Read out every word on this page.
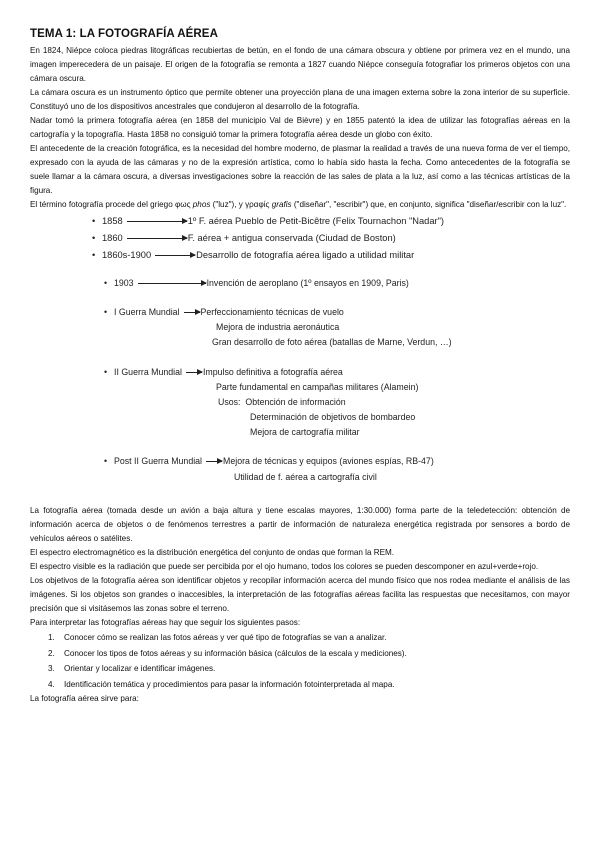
TEMA 1: LA FOTOGRAFÍA AÉREA

En 1824, Niépce coloca piedras litográficas recubiertas de betún, en el fondo de una cámara obscura y obtiene por primera vez en el mundo, una imagen imperecedera de un paisaje. El origen de la fotografía se remonta a 1827 cuando Niépce conseguía fotografiar los primeros objetos con una cámara oscura.

La cámara oscura es un instrumento óptico que permite obtener una proyección plana de una imagen externa sobre la zona interior de su superficie. Constituyó uno de los dispositivos ancestrales que condujeron al desarrollo de la fotografía.

Nadar tomó la primera fotografía aérea (en 1858 del municipio Val de Bièvre) y en 1855 patentó la idea de utilizar las fotografías aéreas en la cartografía y la topografía. Hasta 1858 no consiguió tomar la primera fotografía aérea desde un globo con éxito.

El antecedente de la creación fotográfica, es la necesidad del hombre moderno, de plasmar la realidad a través de una nueva forma de ver el tiempo, expresado con la ayuda de las cámaras y no de la expresión artística, como lo había sido hasta la fecha. Como antecedentes de la fotografía se suele llamar a la cámara oscura, a diversas investigaciones sobre la reacción de las sales de plata a la luz, así como a las técnicas artísticas de la figura.

El término fotografía procede del griego φως phos ("luz"), y γραφίς grafis ("diseñar", "escribir") que, en conjunto, significa "diseñar/escribir con la luz".

• 1858	1º F. aérea Pueblo de Petit-Bicêtre (Felix Tournachon "Nadar")
• 1860	F. aérea + antigua conservada (Ciudad de Boston)
• 1860s-1900	Desarrollo de fotografía aérea ligado a utilidad militar
• 1903	Invención de aeroplano (1º ensayos en 1909, Paris)
• I Guerra Mundial Perfeccionamiento técnicas de vuelo
Mejora de industria aeronáutica
Gran desarrollo de foto aérea (batallas de Marne, Verdun, …)
• II Guerra Mundial Impulso definitiva a fotografía aérea
Parte fundamental en campañas militares (Alamein)
Usos: Obtención de información
Determinación de objetivos de bombardeo
Mejora de cartografía militar
• Post II Guerra Mundial Mejora de técnicas y equipos (aviones espías, RB-47)
Utilidad de f. aérea a cartografía civil

La fotografía aérea (tomada desde un avión a baja altura y tiene escalas mayores, 1:30.000) forma parte de la teledetección: obtención de información acerca de objetos o de fenómenos terrestres a partir de información de naturaleza energética registrada por sensores a bordo de vehículos aéreos o satélites.

El espectro electromagnético es la distribución energética del conjunto de ondas que forman la REM.

El espectro visible es la radiación que puede ser percibida por el ojo humano, todos los colores se pueden descomponer en azul+verde+rojo.

Los objetivos de la fotografía aérea son identificar objetos y recopilar información acerca del mundo físico que nos rodea mediante el análisis de las imágenes. Si los objetos son grandes o inaccesibles, la interpretación de las fotografías aéreas facilita las respuestas que necesitamos, con mayor precisión que si visitásemos las zonas sobre el terreno.

Para interpretar las fotografías aéreas hay que seguir los siguientes pasos:

1. Conocer cómo se realizan las fotos aéreas y ver qué tipo de fotografías se van a analizar.
2. Conocer los tipos de fotos aéreas y su información básica (cálculos de la escala y mediciones).
3. Orientar y localizar e identificar imágenes.
4. Identificación temática y procedimientos para pasar la información fotointerpretada al mapa.

La fotografía aérea sirve para:
